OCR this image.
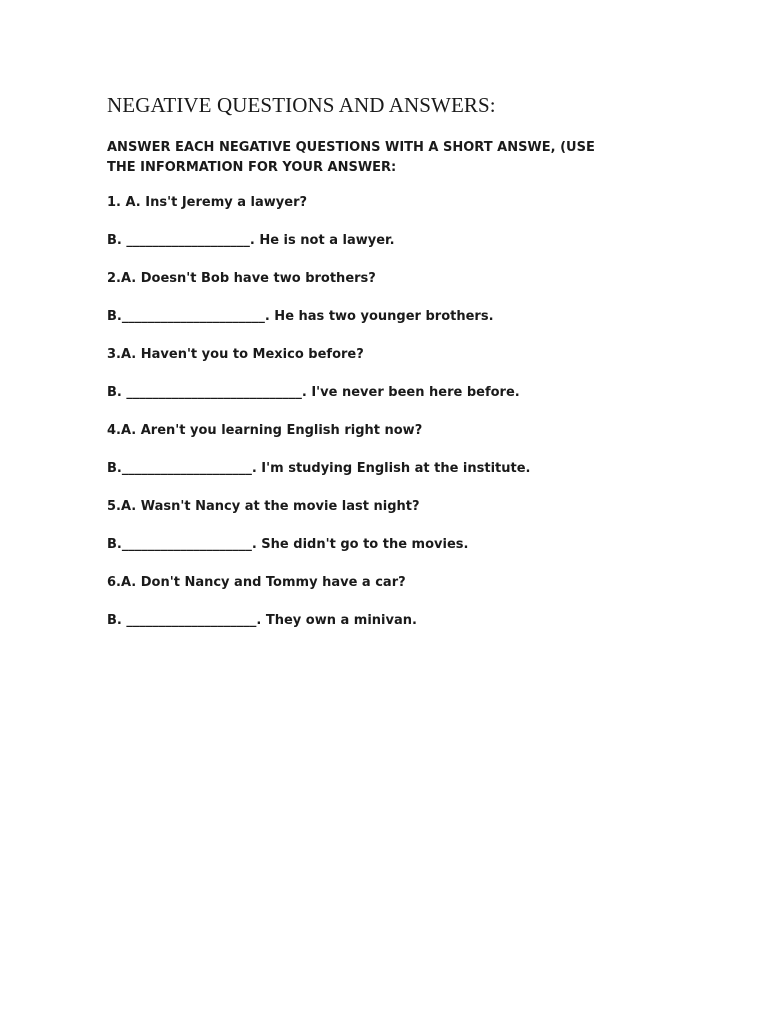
NEGATIVE QUESTIONS AND ANSWERS:
ANSWER EACH NEGATIVE QUESTIONS WITH A SHORT ANSWE, (USE THE INFORMATION FOR YOUR ANSWER:
1. A. Ins't Jeremy a lawyer?
B. ___________________. He is not a lawyer.
2.A. Doesn't Bob have two brothers?
B.______________________. He has two younger brothers.
3.A. Haven't you to Mexico before?
B. ___________________________. I've never been here before.
4.A. Aren't you learning English right now?
B.____________________. I'm studying English at the institute.
5.A. Wasn't Nancy at the movie last night?
B.____________________. She didn't go to the movies.
6.A. Don't Nancy and Tommy have a car?
B. ____________________. They own a minivan.
